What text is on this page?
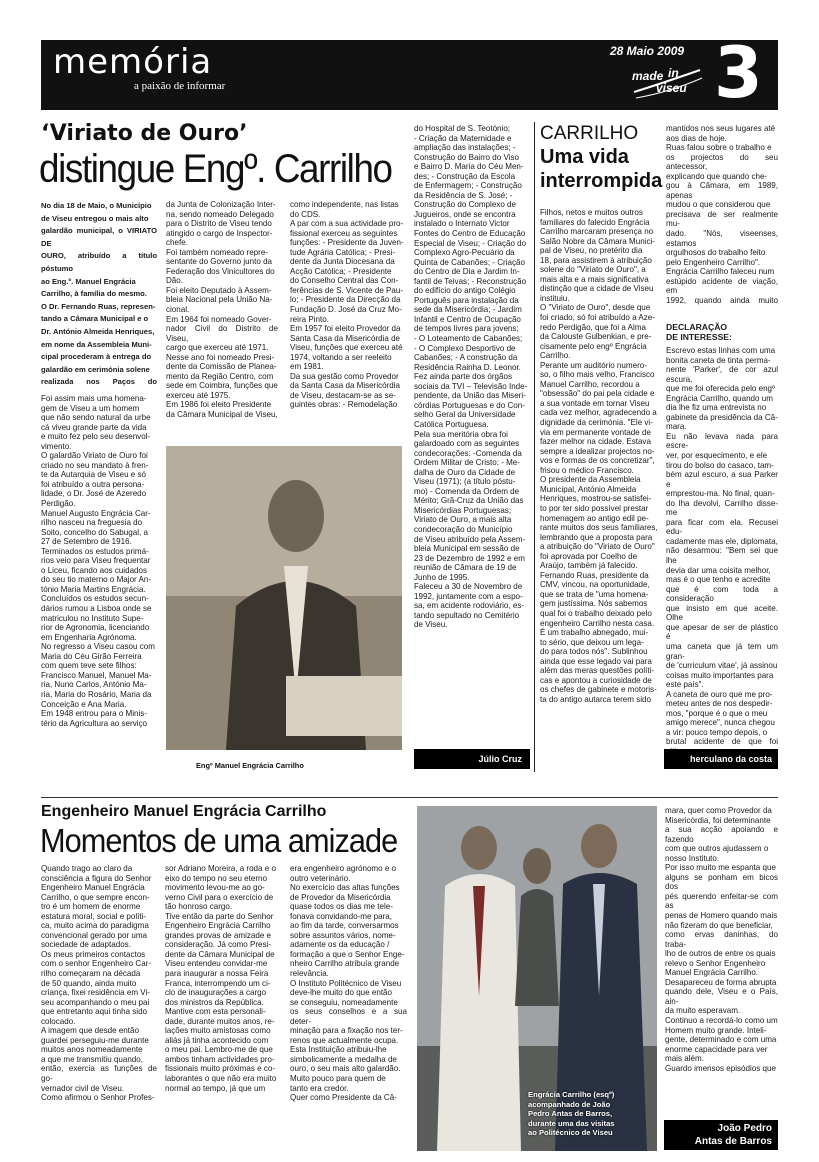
memória
a paixão de informar
28 Maio 2009
made in
viseu 3
‘Viriato de Ouro’
distingue Engº. Carrilho
No dia 18 de Maio, o Município
de Viseu entregou o mais alto
galardão municipal, o VIRIATO DE
OURO, atribuído a título póstumo
ao Eng.º. Manuel Engrácia
Carrilho, à família do mesmo.
O Dr. Fernando Ruas, represen-
tando a Câmara Municipal e o
Dr. António Almeida Henriques,
em nome da Assembleia Muni-
cipal procederam à entrega do
galardão em cerimónia solene
realizada nos Paços do
Foi assim mais uma homena-
gem de Viseu a um homem
que não sendo natural da urbe
cá viveu grande parte da vida
e muito fez pelo seu desenvol-
vimento.
O galardão Viriato de Ouro foi
criado no seu mandato à fren-
te da Autarquia de Viseu e só
foi atribuído a outra persona-
lidade, o Dr. José de Azeredo
Perdigão.
Manuel Augusto Engrácia Car-
rilho nasceu na freguesia do
Soito, concelho do Sabugal, a
27 de Setembro de 1916.
Terminados os estudos primá-
rios veio para Viseu frequentar
o Liceu, ficando aos cuidados
do seu tio materno o Major An-
tónio Maria Martins Engrácia.
Concluídos os estudos secun-
dários rumou a Lisboa onde se
matriculou no Instituto Supe-
rior de Agronomia, licenciando
em Engenharia Agrónoma.
No regresso a Viseu casou com
Maria do Céu Girão Ferreira
com quem teve sete filhos:
Francisco Manuel, Manuel Ma-
ria, Nuno Carlos, António Ma-
ria, Maria do Rosário, Maria da
Conceição e Ana Maria.
Em 1948 entrou para o Minis-
tério da Agricultura ao serviço
da Junta de Colonização Inter-
na, sendo nomeado Delegado
para o Distrito de Viseu tendo
atingido o cargo de Inspector-
chefe.
Foi também nomeado repre-
sentante do Governo junto da
Federação dos Vinicultores do
Dão.
Foi eleito Deputado à Assem-
bleia Nacional pela União Na-
cional.
Em 1964 foi nomeado Gover-
nador Civil do Distrito de Viseu,
cargo que exerceu até 1971.
Nesse ano foi nomeado Presi-
dente da Comissão de Planea-
mento da Região Centro, com
sede em Coimbra, funções que
exerceu até 1975.
Em 1986 foi eleito Presidente
da Câmara Municipal de Viseu,
como independente, nas listas
do CDS.
A par com a sua actividade pro-
fissional exerceu as seguintes
funções: - Presidente da Juven-
tude Agrária Católica; - Presi-
dente da Junta Diocesana da
Acção Católica; - Presidente
do Conselho Central das Con-
ferências de S. Vicente de Pau-
lo; - Presidente da Direcção da
Fundação D. José da Cruz Mo-
reira Pinto.
Em 1957 foi eleito Provedor da
Santa Casa da Misericórdia de
Viseu, funções que exerceu até
1974, voltando a ser reeleito
em 1981.
Da sua gestão como Provedor
da Santa Casa da Misericórdia
de Viseu, destacam-se as se-
guintes obras: - Remodelação
do Hospital de S. Teotónio;
- Criação da Maternidade e
ampliação das instalações; -
Construção do Bairro do Viso
e Bairro D. Maria do Céu Men-
des; - Construção da Escola
de Enfermagem; - Construção
da Residência de S. José; -
Construção do Complexo de
Jugueiros, onde se encontra
instalado o Internato Victor
Fontes do Centro de Educação
Especial de Viseu; - Criação do
Complexo Agro-Pecuário da
Quinta de Cabanões; - Criação
do Centro de Dia e Jardim In-
fantil de Teivas; - Reconstrução
do edifício do antigo Colégio
Português para instalação da
sede da Misericórdia; - Jardim
Infantil e Centro de Ocupação
de tempos livres para jovens;
- O Loteamento de Cabanões;
- O Complexo Desportivo de
Cabanões; - A construção da
Residência Rainha D. Leonor.
Fez ainda parte dos órgãos
sociais da TVI – Televisão Inde-
pendente, da União das Miseri-
córdias Portuguesas e do Con-
selho Geral da Universidade
Católica Portuguesa.
Pela sua meritória obra foi
galardoado com as seguintes
condecorações: -Comenda da
Ordem Militar de Cristo; - Me-
dalha de Ouro da Cidade de
Viseu (1971); (a título póstu-
mo) - Comenda da Ordem de
Mérito; Grã-Cruz da União das
Misericórdias Portuguesas;
Viriato de Ouro, a mais alta
condecoração do Município
de Viseu atribuído pela Assem-
bleia Municipal em sessão de
23 de Dezembro de 1992 e em
reunião de Câmara de 19 de
Junho de 1995.
Faleceu a 30 de Novembro de
1992, juntamente com a espo-
sa, em acidente rodoviário, es-
tando sepultado no Cemitério
de Viseu.
Engº Manuel Engrácia Carrilho
Júlio Cruz
CARRILHO
Uma vida
interrompida
Filhos, netos e muitos outros
familiares do falecido Engrácia
Carrilho marcaram presença no
Salão Nobre da Câmara Munici-
pal de Viseu, no pretérito dia
18, para assistirem à atribuição
solene do "Viriato de Ouro", a
mais alta e a mais significativa
distinção que a cidade de Viseu
instituiu.
O "Viriato de Ouro", desde que
foi criado, só foi atribuído a Aze-
redo Perdigão, que foi a Alma
da Calouste Gulbenkian, e pre-
cisamente pelo engº Engrácia
Carrilho.
Perante um auditório numero-
so, o filho mais velho, Francisco
Manuel Carrilho, recordou a
"obsessão" do pai pela cidade e
a sua vontade em tornar Viseu
cada vez melhor, agradecendo a
dignidade da cerimónia. "Ele vi-
via em permanente vontade de
fazer melhor na cidade. Estava
sempre a idealizar projectos no-
vos e formas de os concretizar",
frisou o médico Francisco.
O presidente da Assembleia
Municipal, António Almeida
Henriques, mostrou-se satisfei-
to por ter sido possível prestar
homenagem ao antigo edil pe-
rante muitos dos seus familiares,
lembrando que a proposta para
a atribuição do "Viriato de Ouro"
foi aprovada por Coelho de
Araújo, também já falecido.
Fernando Ruas, presidente da
CMV, vincou, na oportunidade,
que se trata de "uma homena-
gem justíssima. Nós sabemos
qual foi o trabalho deixado pelo
engenheiro Carrilho nesta casa.
É um trabalho abnegado, mui-
to sério, que deixou um lega-
do para todos nós". Sublinhou
ainda que esse legado vai para
além das meras questões políti-
cas e apontou a curiosidade de
os chefes de gabinete e motoris-
ta do antigo autarca terem sido
mantidos nos seus lugares até
aos dias de hoje.
Ruas falou sobre o trabalho e
os projectos do seu antecessor,
explicando que quando che-
gou à Câmara, em 1989, apenas
mudou o que considerou que
precisava de ser realmente mu-
dado. "Nós, viseenses, estamos
orgulhosos do trabalho feito
pelo Engenheiro Carrilho".
Engrácia Carrilho faleceu num
estúpido acidente de viação, em
1992, quando ainda muito

DECLARAÇÃO
DE INTERESSE:
Escrevo estas linhas com uma
bonita caneta de tinta perma-
nente 'Parker', de cor azul escura,
que me foi oferecida pelo engº
Engrácia Carrilho, quando um
dia lhe fiz uma entrevista no
gabinete da presidência da Câ-
mara.
Eu não levava nada para escre-
ver, por esquecimento, e ele
tirou do bolso do casaco, tam-
bém azul escuro, a sua Parker e
emprestou-ma. No final, quan-
do lha devolvi, Carrilho disse-me
para ficar com ela. Recusei edu-
cadamente mas ele, diplomata,
não desarmou: "Bem sei que lhe
devia dar uma coisita melhor,
mas é o que tenho e acredite
que é com toda a consideração
que insisto em que aceite. Olhe
que apesar de ser de plástico é
uma caneta que já tem um gran-
de 'curriculum vitae', já assinou
coisas muito importantes para
este país".
A caneta de ouro que me pro-
meteu antes de nos despedir-
mos, "porque é o que o meu
amigo merece", nunca chegou
a vir: pouco tempo depois, o
brutal acidente de que foi

herculano da costa
Engenheiro Manuel Engrácia Carrilho
Momentos de uma amizade
Quando trago ao claro da
consciência a figura do Senhor
Engenheiro Manuel Engrácia
Carrilho, o que sempre encon-
tro é um homem de enorme
estatura moral, social e políti-
ca, muito acima do paradigma
convencional gerado por uma
sociedade de adaptados.
Os meus primeiros contactos
com o senhor Engenheiro Car-
rilho começaram na década
de 50 quando, ainda muito
criança, fixei residência em Vi-
seu acompanhando o meu pai
que entretanto aqui tinha sido
colocado.
A imagem que desde então
guardei perseguiu-me durante
muitos anos nomeadamente
a que me transmitiu quando,
então, exercia as funções de go-
vernador civil de Viseu.
Como afirmou o Senhor Profes-
sor Adriano Moreira, a roda e o
eixo do tempo no seu eterno
movimento levou-me ao go-
verno Civil para o exercício de
tão honroso cargo.
Tive então da parte do Senhor
Engenheiro Engrácia Carrilho
grandes provas de amizade e
consideração. Já como Presi-
dente da Câmara Municipal de
Viseu entendeu convidar-me
para inaugurar a nossa Feira
Franca, interrompendo um ci-
clo de inaugurações a cargo
dos ministros da República.
Mantive com esta personali-
dade, durante muitos anos, re-
lações muito amistosas como
aliás já tinha acontecido com
o meu pai. Lembro-me de que
ambos tinham actividades pro-
fissionais muito próximas e co-
laborantes o que não era muito
normal ao tempo, já que um
era engenheiro agrónomo e o
outro veterinário.
No exercício das altas funções
de Provedor da Misericórdia
quase todos os dias me tele-
fonava convidando-me para,
ao fim da tarde, conversarmos
sobre assuntos vários, nome-
adamente os da educação /
formação a que o Senhor Enge-
nheiro Carrilho atribuía grande
relevância.
O Instituto Politécnico de Viseu
deve-lhe muito do que então
se conseguiu, nomeadamente
os seus conselhos e a sua deter-
minação para a fixação nos ter-
renos que actualmente ocupa.
Esta Instituição atribuiu-lhe
simbolicamente a medalha de
ouro, o seu mais alto galardão.
Muito pouco para quem de
tanto era credor.
Quer como Presidente da Câ-	Engrácia Carrilho (esqº)
acompanhado de João
Pedro Antas de Barros,
durante uma das visitas
ao Politécnico de Viseu
mara, quer como Provedor da
Misericórdia, foi determinante
a sua acção apoiando e fazendo
com que outros ajudassem o
nosso Instituto.
Por isso muito me espanta que
alguns se ponham em bicos dos
pés querendo enfeitar-se com as
penas de Homero quando mais
não fizeram do que beneficiar,
como ervas daninhas, do traba-
lho de outros de entre os quais
relevo o Senhor Engenheiro
Manuel Engrácia Carrilho.
Desapareceu de forma abrupta
quando dele, Viseu e o País, ain-
da muito esperavam.
Continuo a recordá-lo como um
Homem muito grande. Inteli-
gente, determinado e com uma
enorme capacidade para ver
mais além.
Guardo imensos episódios que

João Pedro
Antas de Barros
